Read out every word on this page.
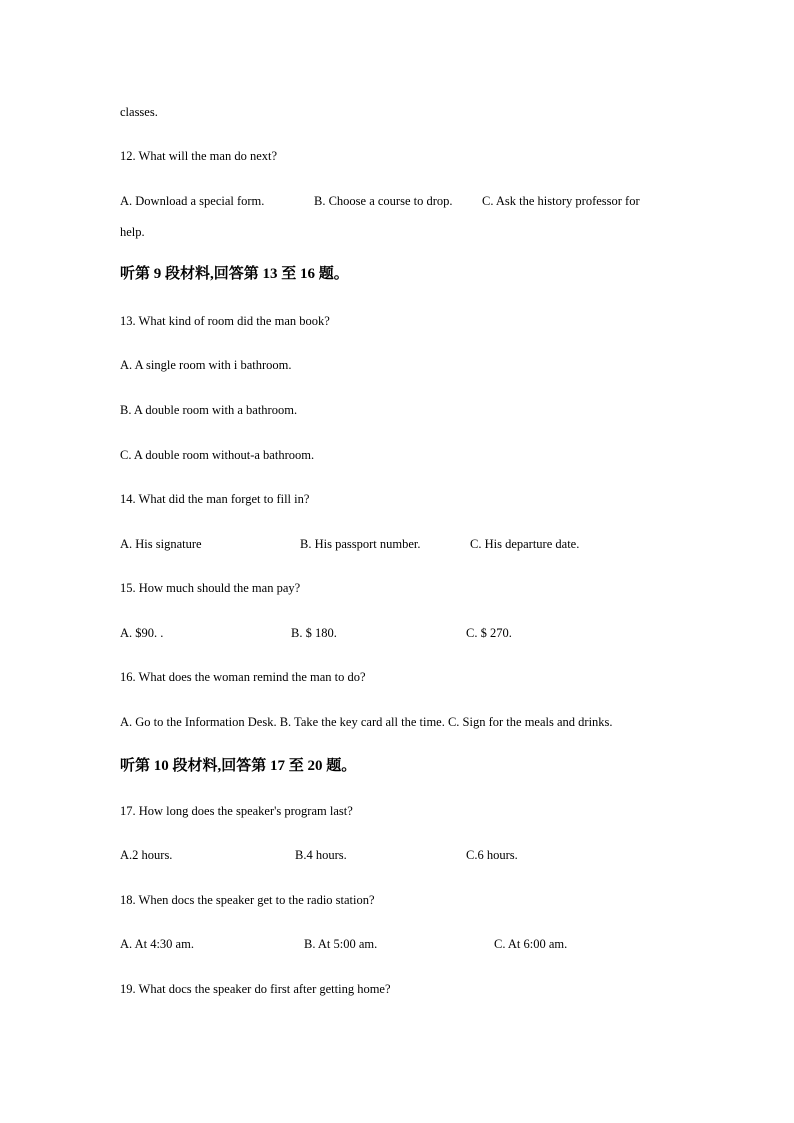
classes.
12. What will the man do next?
A. Download a special form.	B. Choose a course to drop. C. Ask the history professor for
help.
听第 9 段材料,回答第 13 至 16 题。
13. What kind of room did the man book?
A. A single room with i bathroom.
B. A double room with a bathroom.
C. A double room without-a bathroom.
14. What did the man forget to fill in?
A. His signature	B. His passport number.	C. His departure date.
15. How much should the man pay?
A. $90. .	B. $ 180.	C. $ 270.
16. What does the woman remind the man to do?
A. Go to the Information Desk. B. Take the key card all the time. C. Sign for the meals and drinks.
听第 10 段材料,回答第 17 至 20 题。
17. How long does the speaker's program last?
A.2 hours.	B.4 hours.	C.6 hours.
18. When docs the speaker get to the radio station?
A. At 4:30 am.	B. At 5:00 am.	C. At 6:00 am.
19. What docs the speaker do first after getting home?
